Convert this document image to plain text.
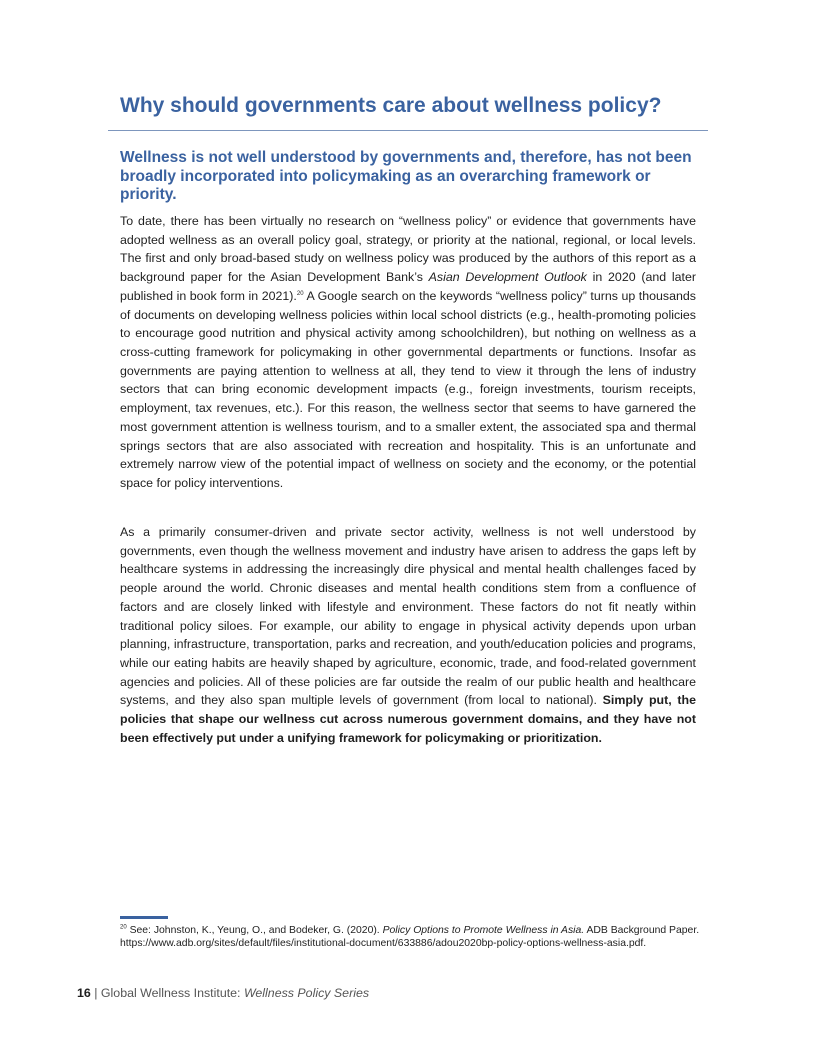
Why should governments care about wellness policy?
Wellness is not well understood by governments and, therefore, has not been broadly incorporated into policymaking as an overarching framework or priority.

To date, there has been virtually no research on “wellness policy” or evidence that governments have adopted wellness as an overall policy goal, strategy, or priority at the national, regional, or local levels. The first and only broad-based study on wellness policy was produced by the authors of this report as a background paper for the Asian Development Bank’s Asian Development Outlook in 2020 (and later published in book form in 2021).$^{20}$ A Google search on the keywords “wellness policy” turns up thousands of documents on developing wellness policies within local school districts (e.g., health-promoting policies to encourage good nutrition and physical activity among schoolchildren), but nothing on wellness as a cross-cutting framework for policymaking in other governmental departments or functions. Insofar as governments are paying attention to wellness at all, they tend to view it through the lens of industry sectors that can bring economic development impacts (e.g., foreign investments, tourism receipts, employment, tax revenues, etc.). For this reason, the wellness sector that seems to have garnered the most government attention is wellness tourism, and to a smaller extent, the associated spa and thermal springs sectors that are also associated with recreation and hospitality. This is an unfortunate and extremely narrow view of the potential impact of wellness on society and the economy, or the potential space for policy interventions.

As a primarily consumer-driven and private sector activity, wellness is not well understood by governments, even though the wellness movement and industry have arisen to address the gaps left by healthcare systems in addressing the increasingly dire physical and mental health challenges faced by people around the world. Chronic diseases and mental health conditions stem from a confluence of factors and are closely linked with lifestyle and environment. These factors do not fit neatly within traditional policy siloes. For example, our ability to engage in physical activity depends upon urban planning, infrastructure, transportation, parks and recreation, and youth/education policies and programs, while our eating habits are heavily shaped by agriculture, economic, trade, and food-related government agencies and policies. All of these policies are far outside the realm of our public health and healthcare systems, and they also span multiple levels of government (from local to national). Simply put, the policies that shape our wellness cut across numerous government domains, and they have not been effectively put under a unifying framework for policymaking or prioritization.

$^{20}$ See: Johnston, K., Yeung, O., and Bodeker, G. (2020). Policy Options to Promote Wellness in Asia. ADB Background Paper. https://www.adb.org/sites/default/files/institutional-document/633886/adou2020bp-policy-options-wellness-asia.pdf.

16 | Global Wellness Institute: Wellness Policy Series
